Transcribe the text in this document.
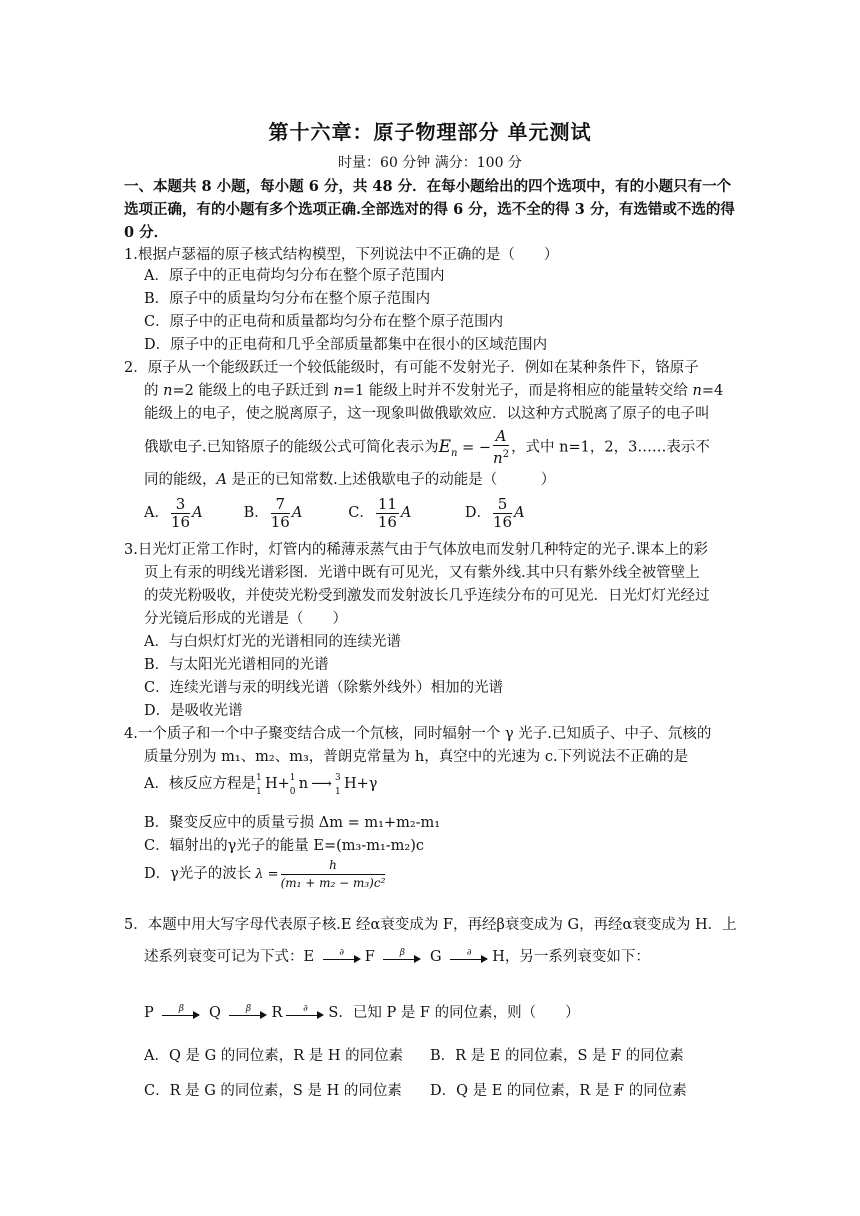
第十六章：原子物理部分 单元测试
时量：60 分钟 满分：100 分
一、本题共 8 小题，每小题 6 分，共 48 分．在每小题给出的四个选项中，有的小题只有一个选项正确，有的小题有多个选项正确.全部选对的得 6 分，选不全的得 3 分，有选错或不选的得 0 分．
1.根据卢瑟福的原子核式结构模型，下列说法中不正确的是（　　）
A．原子中的正电荷均匀分布在整个原子范围内
B．原子中的质量均匀分布在整个原子范围内
C．原子中的正电荷和质量都均匀分布在整个原子范围内
D．原子中的正电荷和几乎全部质量都集中在很小的区域范围内
2．原子从一个能级跃迁一个较低能级时，有可能不发射光子．例如在某种条件下，铬原子
的 n=2 能级上的电子跃迁到 n=1 能级上时并不发射光子，而是将相应的能量转交给 n=4
能级上的电子，使之脱离原子，这一现象叫做俄歇效应．以这种方式脱离了原子的电子叫
俄歇电子.已知铬原子的能级公式可简化表示为$E_n$ = − $\frac{A}{n^2}$ ，式中 n=1，2，3……表示不
同的能级，A 是正的已知常数.上述俄歇电子的动能是（　　　）
A． $\frac{3}{16}$ A	B． $\frac{7}{16}$ A	C． $\frac{11}{16}$ A	D． $\frac{5}{16}$ A
3.日光灯正常工作时，灯管内的稀薄汞蒸气由于气体放电而发射几种特定的光子.课本上的彩
页上有汞的明线光谱彩图．光谱中既有可见光，又有紫外线.其中只有紫外线全被管壁上
的荧光粉吸收，并使荧光粉受到激发而发射波长几乎连续分布的可见光．日光灯灯光经过
分光镜后形成的光谱是（　　）
A．与白炽灯灯光的光谱相同的连续光谱
B．与太阳光光谱相同的光谱
C．连续光谱与汞的明线光谱（除紫外线外）相加的光谱
D．是吸收光谱
4.一个质子和一个中子聚变结合成一个氘核，同时辐射一个 γ 光子.已知质子、中子、氘核的
质量分别为 m₁、m₂、m₃，普朗克常量为 h，真空中的光速为 c.下列说法不正确的是
A．核反应方程是 1
1 H+ 1
0 n ⟶ 3
1 H+γ
B．聚变反应中的质量亏损 Δm = m₁+m₂-m₁
C．辐射出的γ光子的能量 E=(m₃-m₁-m₂)c
D．γ光子的波长 $\lambda = \frac{h}{\text{(m₁ + m₂ − m₃)c²}}$
5．本题中用大写字母代表原子核.E 经α衰变成为 F，再经β衰变成为 G，再经α衰变成为 H．上
述系列衰变可记为下式：E	∂	F	β	G	∂	H，另一系列衰变如下：
P	β	Q	β	R	∂	S．已知 P 是 F 的同位素，则（　　）
A．Q 是 G 的同位素，R 是 H 的同位素 B．R 是 E 的同位素，S 是 F 的同位素
C．R 是 G 的同位素，S 是 H 的同位素 D．Q 是 E 的同位素，R 是 F 的同位素
